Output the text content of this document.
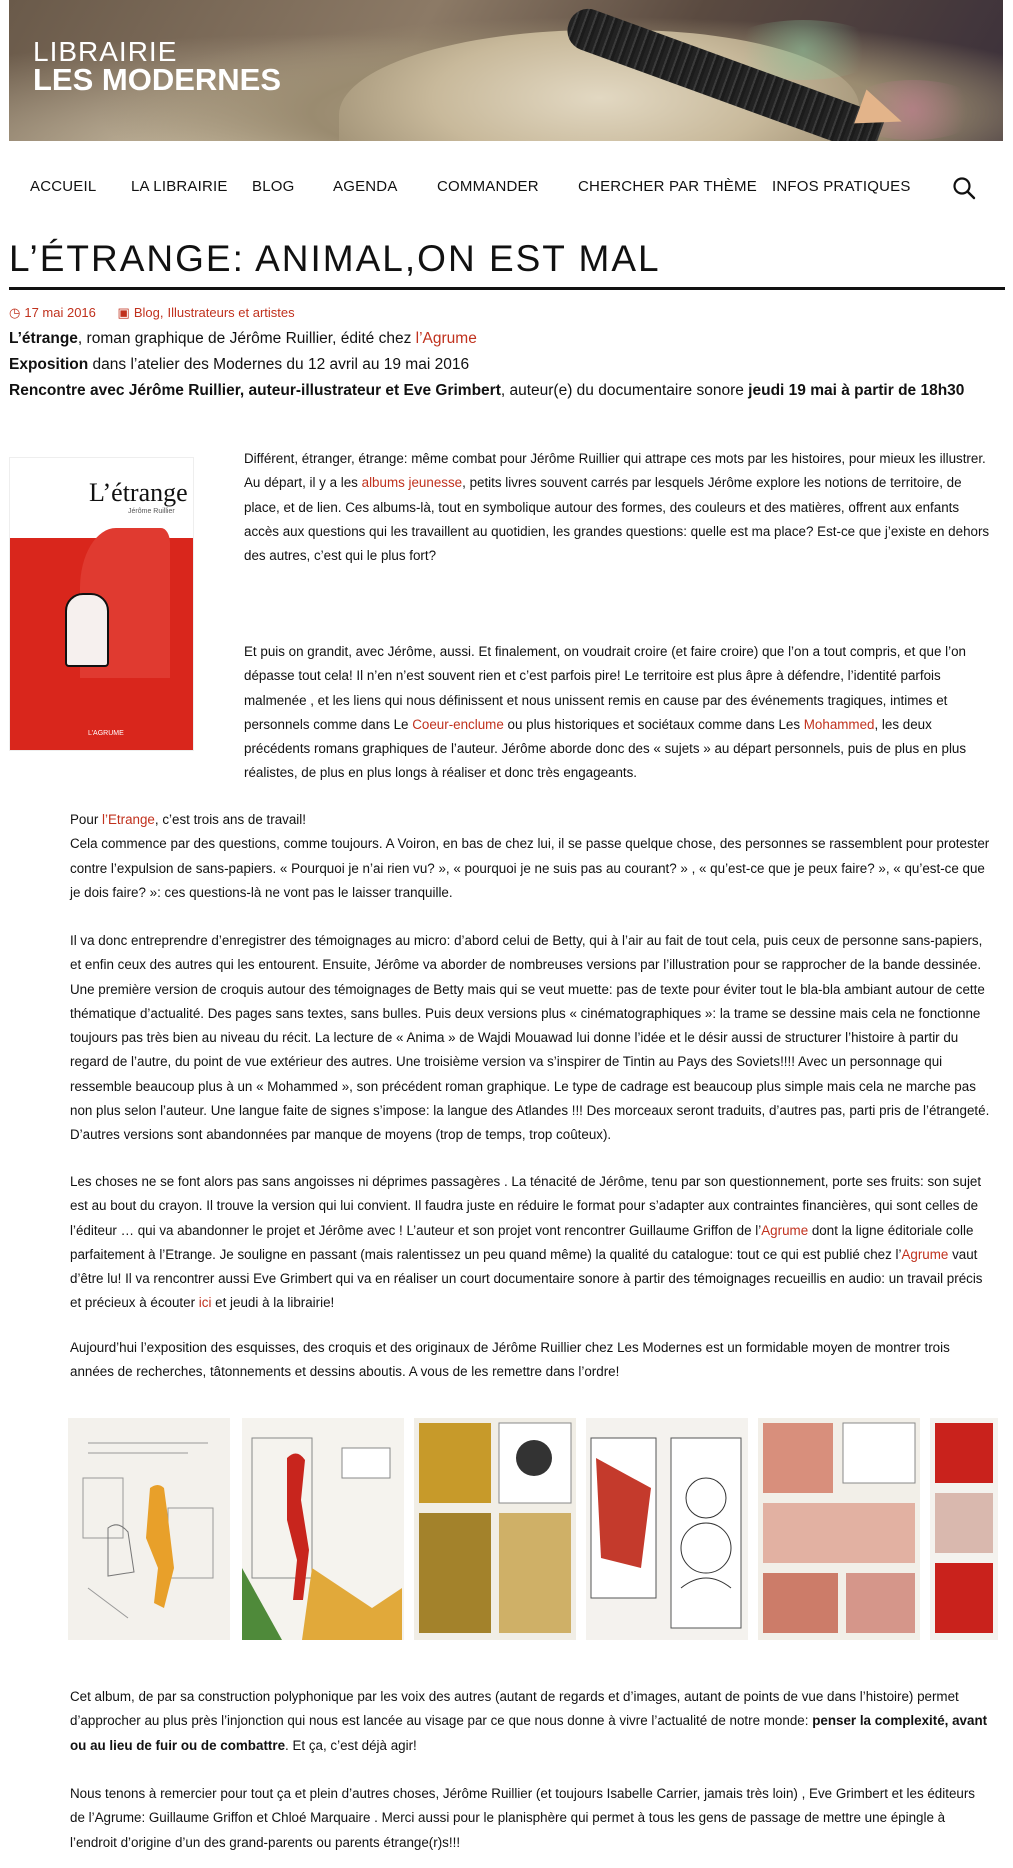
LIBRAIRIE
LES MODERNES
ACCUEIL LA LIBRAIRIE BLOG	AGENDA	COMMANDER	CHERCHER PAR THÈME INFOS PRATIQUES
L’ÉTRANGE: ANIMAL,ON EST MAL
◷ 17 mai 2016 ▣ Blog, Illustrateurs et artistes

L’étrange, roman graphique de Jérôme Ruillier, édité chez l’Agrume

Exposition dans l’atelier des Modernes du 12 avril au 19 mai 2016

Rencontre avec Jérôme Ruillier, auteur-illustrateur et Eve Grimbert, auteur(e) du documentaire sonore jeudi 19 mai à partir de 18h30

L’étrange
Jérôme Ruillier
L’AGRUME

Différent, étranger, étrange: même combat pour Jérôme Ruillier qui attrape ces mots par les histoires, pour mieux les illustrer. Au départ, il y a les albums jeunesse, petits livres souvent carrés par lesquels Jérôme explore les notions de territoire, de place, et de lien. Ces albums-là, tout en symbolique autour des formes, des couleurs et des matières, offrent aux enfants accès aux questions qui les travaillent au quotidien, les grandes questions: quelle est ma place? Est-ce que j’existe en dehors des autres, c’est qui le plus fort?

Et puis on grandit, avec Jérôme, aussi. Et finalement, on voudrait croire (et faire croire) que l’on a tout compris, et que l’on dépasse tout cela! Il n’en n’est souvent rien et c’est parfois pire! Le territoire est plus âpre à défendre, l’identité parfois malmenée , et les liens qui nous définissent et nous unissent remis en cause par des événements tragiques, intimes et personnels comme dans Le Coeur-enclume ou plus historiques et sociétaux comme dans Les Mohammed, les deux précédents romans graphiques de l’auteur. Jérôme aborde donc des « sujets » au départ personnels, puis de plus en plus réalistes, de plus en plus longs à réaliser et donc très engageants.

Pour l’Etrange, c’est trois ans de travail!

Cela commence par des questions, comme toujours. A Voiron, en bas de chez lui, il se passe quelque chose, des personnes se rassemblent pour protester contre l’expulsion de sans-papiers. « Pourquoi je n’ai rien vu? », « pourquoi je ne suis pas au courant? » , « qu’est-ce que je peux faire? », « qu’est-ce que je dois faire? »: ces questions-là ne vont pas le laisser tranquille.

Il va donc entreprendre d’enregistrer des témoignages au micro: d’abord celui de Betty, qui à l’air au fait de tout cela, puis ceux de personne sans-papiers, et enfin ceux des autres qui les entourent. Ensuite, Jérôme va aborder de nombreuses versions par l’illustration pour se rapprocher de la bande dessinée. Une première version de croquis autour des témoignages de Betty mais qui se veut muette: pas de texte pour éviter tout le bla-bla ambiant autour de cette thématique d’actualité. Des pages sans textes, sans bulles. Puis deux versions plus « cinématographiques »: la trame se dessine mais cela ne fonctionne toujours pas très bien au niveau du récit. La lecture de « Anima » de Wajdi Mouawad lui donne l’idée et le désir aussi de structurer l’histoire à partir du regard de l’autre, du point de vue extérieur des autres. Une troisième version va s’inspirer de Tintin au Pays des Soviets!!!! Avec un personnage qui ressemble beaucoup plus à un « Mohammed », son précédent roman graphique. Le type de cadrage est beaucoup plus simple mais cela ne marche pas non plus selon l’auteur. Une langue faite de signes s’impose: la langue des Atlandes !!! Des morceaux seront traduits, d’autres pas, parti pris de l’étrangeté. D’autres versions sont abandonnées par manque de moyens (trop de temps, trop coûteux).

Les choses ne se font alors pas sans angoisses ni déprimes passagères . La ténacité de Jérôme, tenu par son questionnement, porte ses fruits: son sujet est au bout du crayon. Il trouve la version qui lui convient. Il faudra juste en réduire le format pour s’adapter aux contraintes financières, qui sont celles de l’éditeur … qui va abandonner le projet et Jérôme avec ! L’auteur et son projet vont rencontrer Guillaume Griffon de l’Agrume dont la ligne éditoriale colle parfaitement à l’Etrange. Je souligne en passant (mais ralentissez un peu quand même) la qualité du catalogue: tout ce qui est publié chez l’Agrume vaut d’être lu! Il va rencontrer aussi Eve Grimbert qui va en réaliser un court documentaire sonore à partir des témoignages recueillis en audio: un travail précis et précieux à écouter ici et jeudi à la librairie!

Aujourd’hui l’exposition des esquisses, des croquis et des originaux de Jérôme Ruillier chez Les Modernes est un formidable moyen de montrer trois années de recherches, tâtonnements et dessins aboutis. A vous de les remettre dans l’ordre!

Cet album, de par sa construction polyphonique par les voix des autres (autant de regards et d’images, autant de points de vue dans l’histoire) permet d’approcher au plus près l’injonction qui nous est lancée au visage par ce que nous donne à vivre l’actualité de notre monde: penser la complexité, avant ou au lieu de fuir ou de combattre. Et ça, c’est déjà agir!

Nous tenons à remercier pour tout ça et plein d’autres choses, Jérôme Ruillier (et toujours Isabelle Carrier, jamais très loin) , Eve Grimbert et les éditeurs de l’Agrume: Guillaume Griffon et Chloé Marquaire . Merci aussi pour le planisphère qui permet à tous les gens de passage de mettre une épingle à l’endroit d’origine d’un des grand-parents ou parents étrange(r)s!!!
